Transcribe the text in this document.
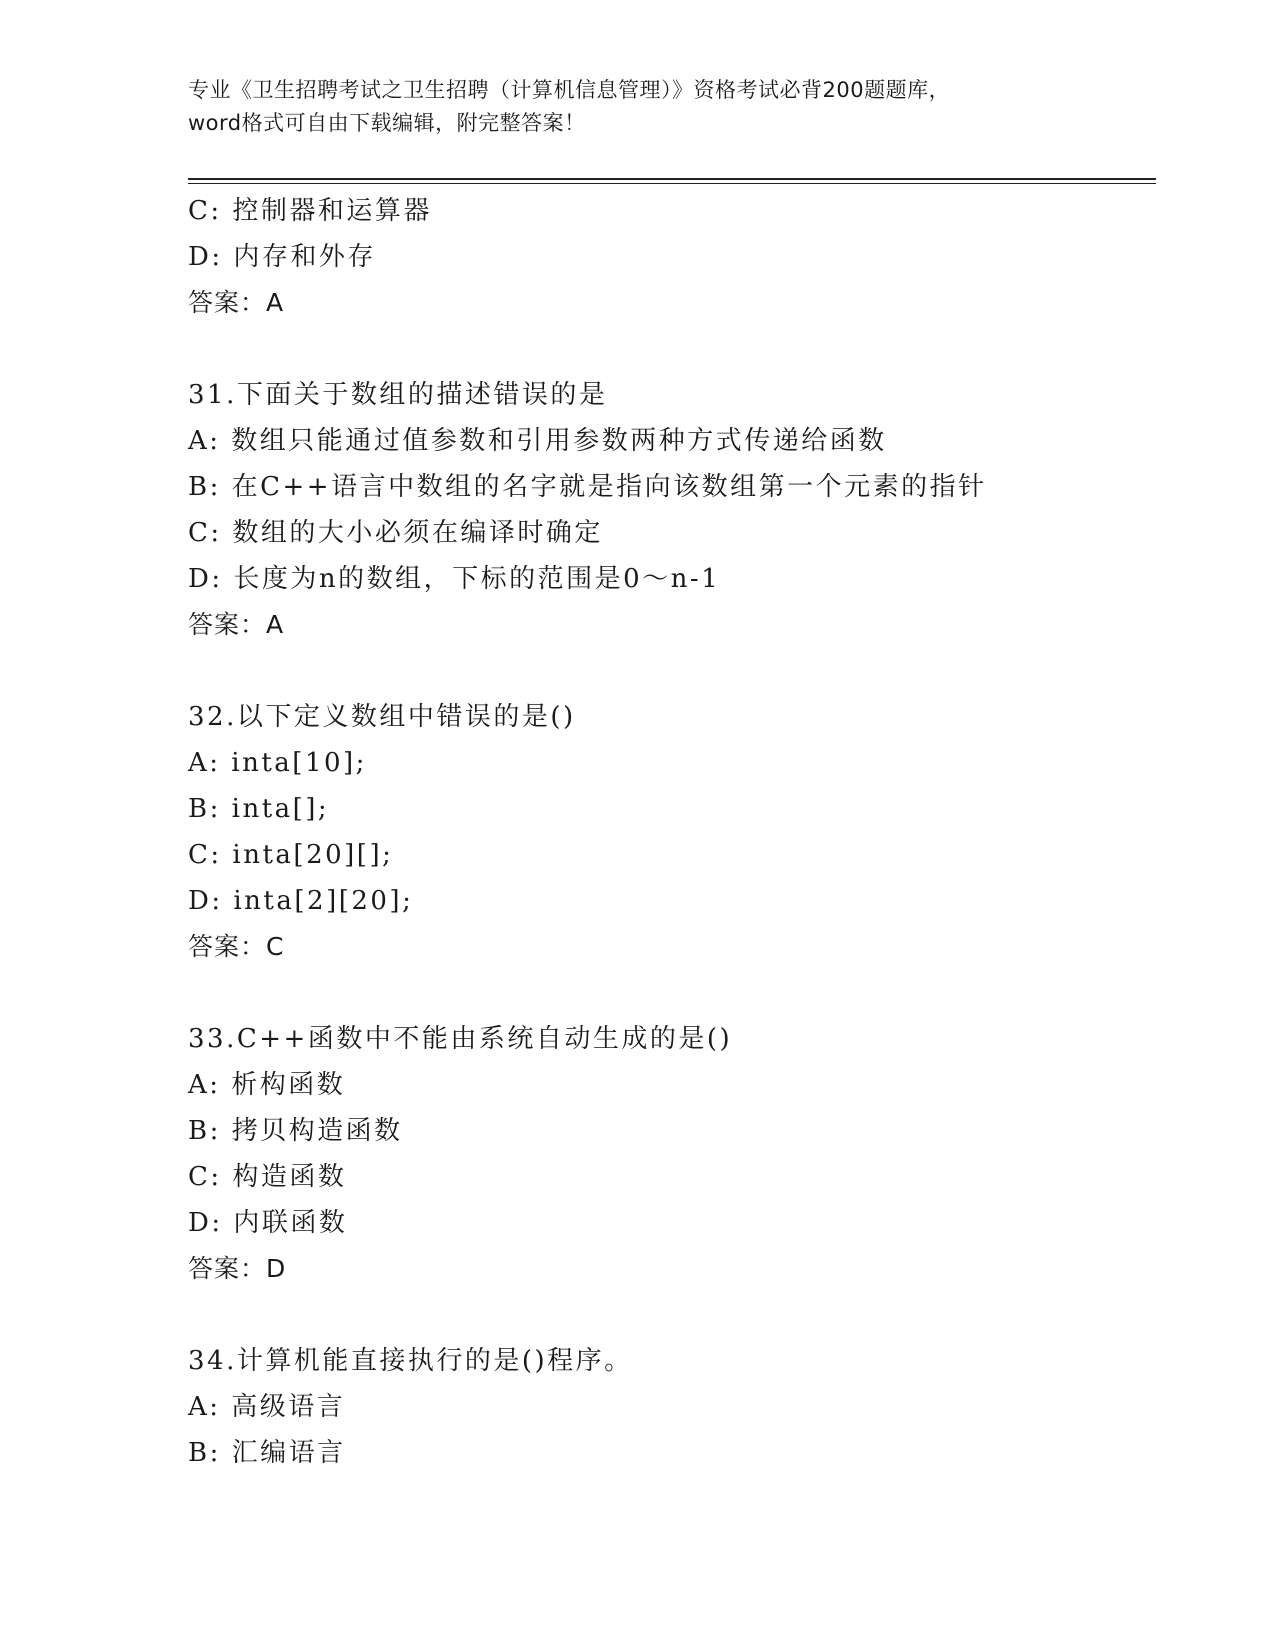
专业《卫生招聘考试之卫生招聘（计算机信息管理）》资格考试必背200题题库，
word格式可自由下载编辑，附完整答案！
C: 控制器和运算器
D: 内存和外存
答案：A
31.下面关于数组的描述错误的是
A: 数组只能通过值参数和引用参数两种方式传递给函数
B: 在C++语言中数组的名字就是指向该数组第一个元素的指针
C: 数组的大小必须在编译时确定
D: 长度为n的数组，下标的范围是0～n-1
答案：A
32.以下定义数组中错误的是()
A: inta[10];
B: inta[];
C: inta[20][];
D: inta[2][20];
答案：C
33.C++函数中不能由系统自动生成的是()
A: 析构函数
B: 拷贝构造函数
C: 构造函数
D: 内联函数
答案：D
34.计算机能直接执行的是()程序。
A: 高级语言
B: 汇编语言
